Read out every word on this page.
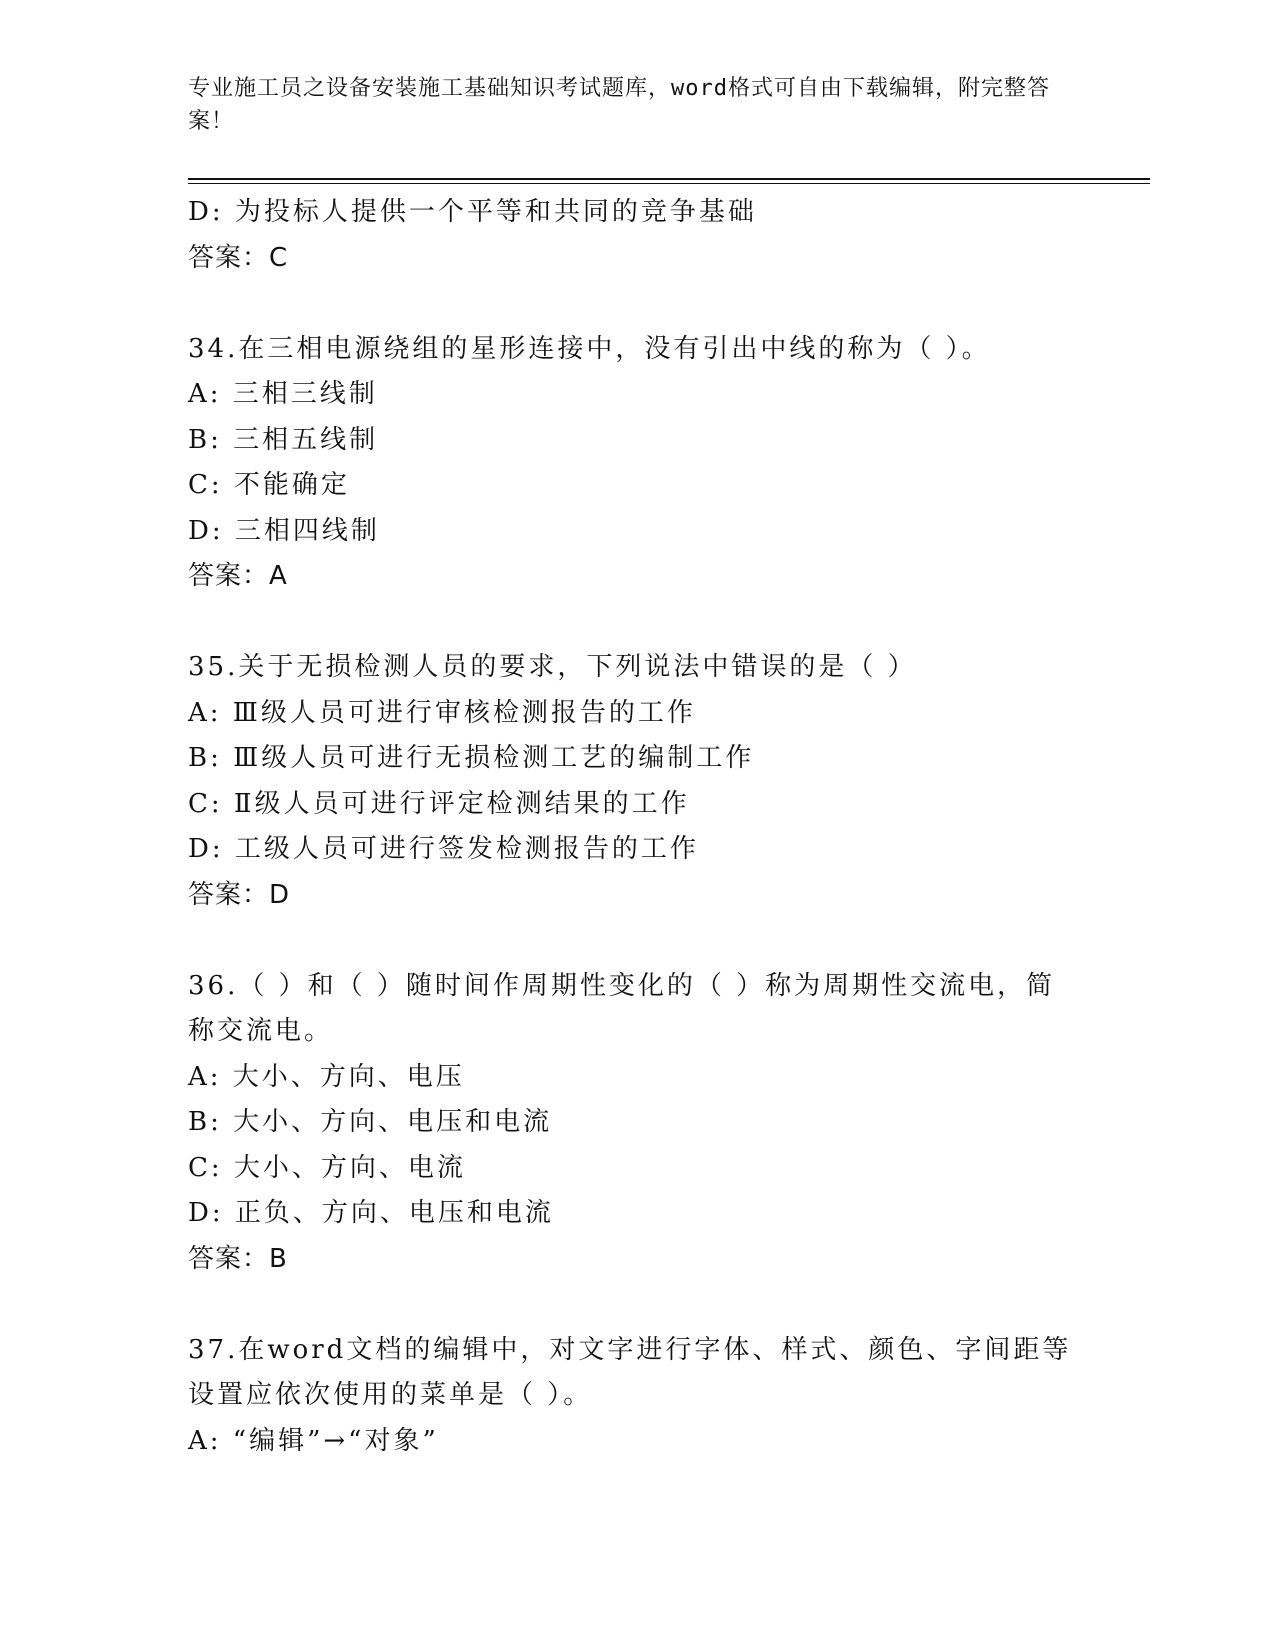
专业施工员之设备安装施工基础知识考试题库，word格式可自由下载编辑，附完整答案！
D: 为投标人提供一个平等和共同的竞争基础
答案：C
34.在三相电源绕组的星形连接中，没有引出中线的称为（ ）。
A: 三相三线制
B: 三相五线制
C: 不能确定
D: 三相四线制
答案：A
35.关于无损检测人员的要求，下列说法中错误的是（ ）
A: Ⅲ级人员可进行审核检测报告的工作
B: Ⅲ级人员可进行无损检测工艺的编制工作
C: Ⅱ级人员可进行评定检测结果的工作
D: 工级人员可进行签发检测报告的工作
答案：D
36.（ ）和（ ）随时间作周期性变化的（ ）称为周期性交流电，简
称交流电。
A: 大小、方向、电压
B: 大小、方向、电压和电流
C: 大小、方向、电流
D: 正负、方向、电压和电流
答案：B
37.在word文档的编辑中，对文字进行字体、样式、颜色、字间距等
设置应依次使用的菜单是（ ）。
A: “编辑”→“对象”
